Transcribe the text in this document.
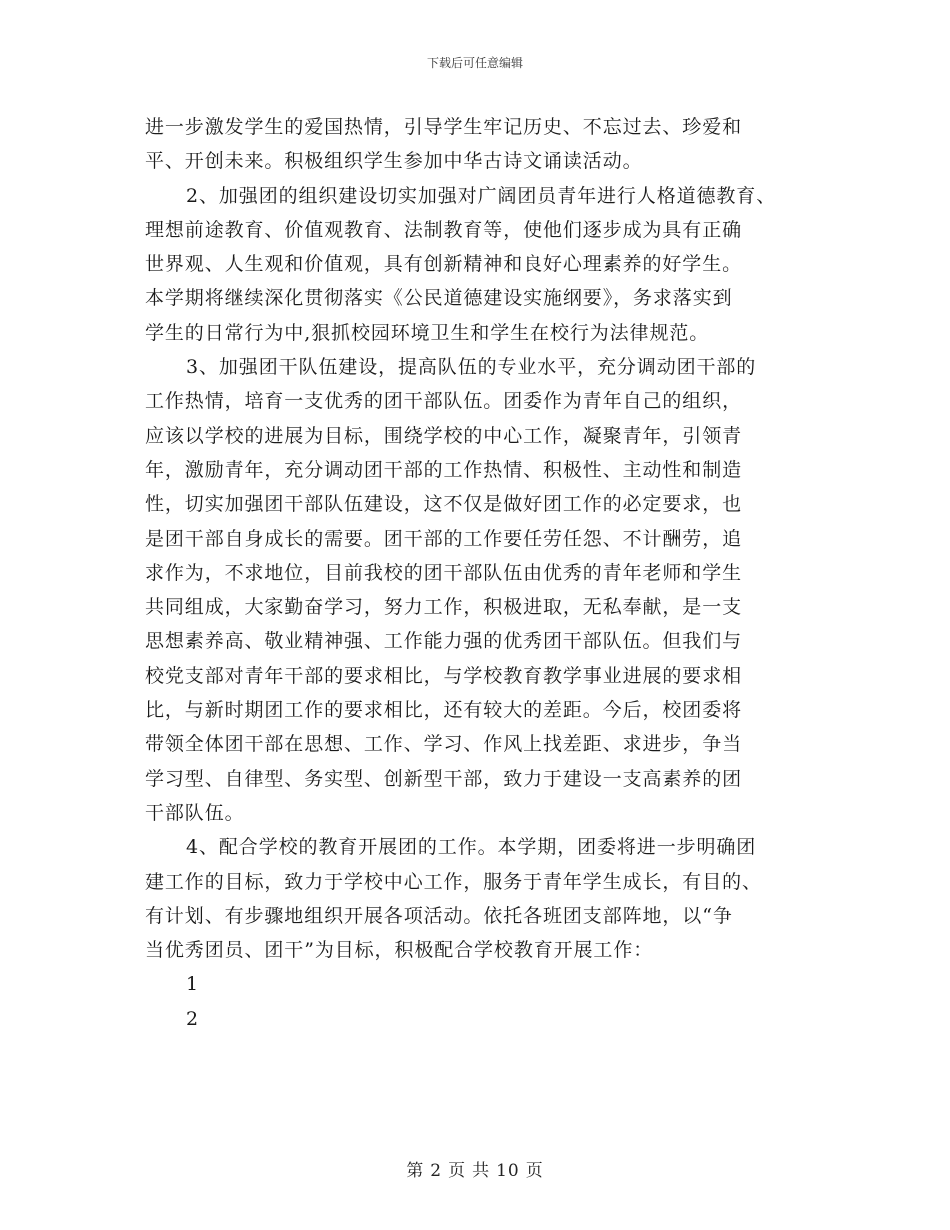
下载后可任意编辑
进一步激发学生的爱国热情，引导学生牢记历史、不忘过去、珍爱和
平、开创未来。积极组织学生参加中华古诗文诵读活动。
2、加强团的组织建设切实加强对广阔团员青年进行人格道德教育、
理想前途教育、价值观教育、法制教育等，使他们逐步成为具有正确
世界观、人生观和价值观，具有创新精神和良好心理素养的好学生。
本学期将继续深化贯彻落实《公民道德建设实施纲要》，务求落实到
学生的日常行为中,狠抓校园环境卫生和学生在校行为法律规范。
3、加强团干队伍建设，提高队伍的专业水平，充分调动团干部的
工作热情，培育一支优秀的团干部队伍。团委作为青年自己的组织，
应该以学校的进展为目标，围绕学校的中心工作，凝聚青年，引领青
年，激励青年，充分调动团干部的工作热情、积极性、主动性和制造
性，切实加强团干部队伍建设，这不仅是做好团工作的必定要求，也
是团干部自身成长的需要。团干部的工作要任劳任怨、不计酬劳，追
求作为，不求地位，目前我校的团干部队伍由优秀的青年老师和学生
共同组成，大家勤奋学习，努力工作，积极进取，无私奉献，是一支
思想素养高、敬业精神强、工作能力强的优秀团干部队伍。但我们与
校党支部对青年干部的要求相比，与学校教育教学事业进展的要求相
比，与新时期团工作的要求相比，还有较大的差距。今后，校团委将
带领全体团干部在思想、工作、学习、作风上找差距、求进步，争当
学习型、自律型、务实型、创新型干部，致力于建设一支高素养的团
干部队伍。
4、配合学校的教育开展团的工作。本学期，团委将进一步明确团
建工作的目标，致力于学校中心工作，服务于青年学生成长，有目的、
有计划、有步骤地组织开展各项活动。依托各班团支部阵地，以“争
当优秀团员、团干”为目标，积极配合学校教育开展工作：
1
2
第 2 页 共 10 页
